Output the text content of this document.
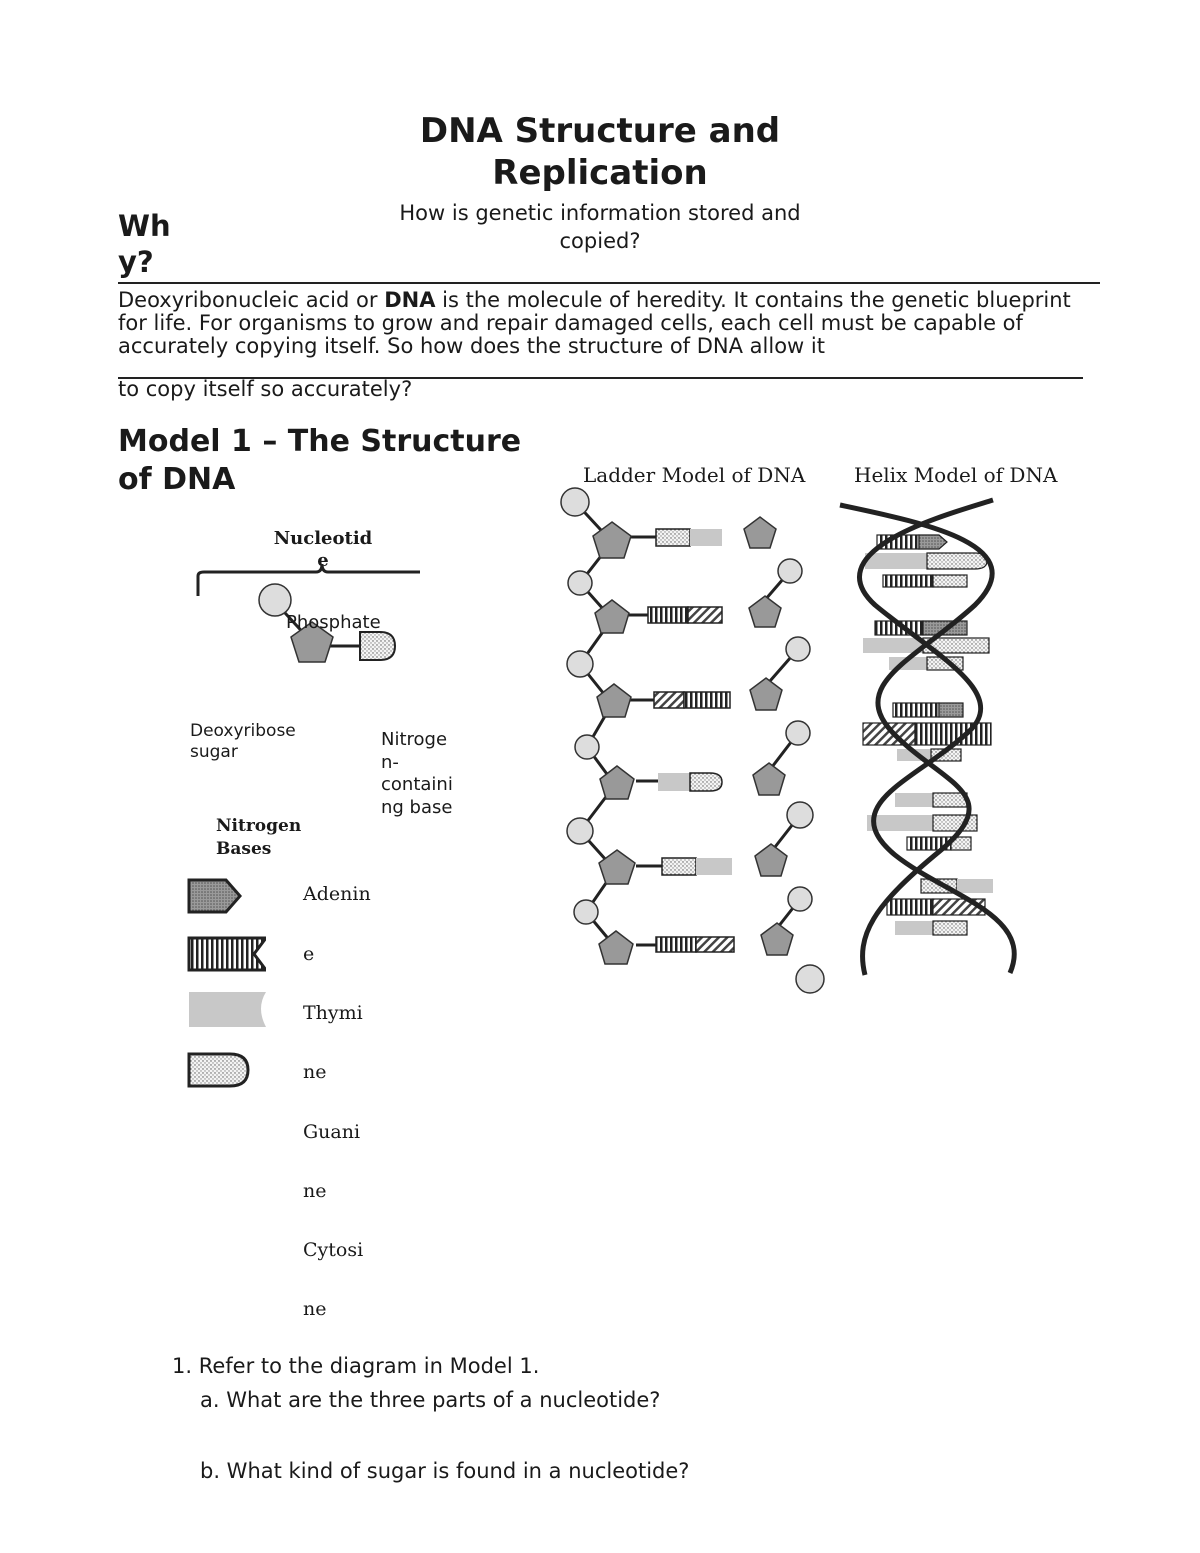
DNA Structure and
Replication
How is genetic information stored and
copied?
Wh
y?
Deoxyribonucleic acid or DNA is the molecule of heredity. It contains the genetic blueprint for life. For organisms to grow and repair damaged cells, each cell must be capable of accurately copying itself. So how does the structure of DNA allow it
to copy itself so accurately?
Model 1 – The Structure
of DNA	Ladder Model of DNA Helix Model of DNA
Nucleotid
e
Phosphate
Deoxyribose
sugar
Nitroge
n-
containi
ng base
Nitrogen
Bases
Adenin
e
Thymi
ne
Guani
ne
Cytosi
ne
1. Refer to the diagram in Model 1.
a. What are the three parts of a nucleotide?
b. What kind of sugar is found in a nucleotide?
